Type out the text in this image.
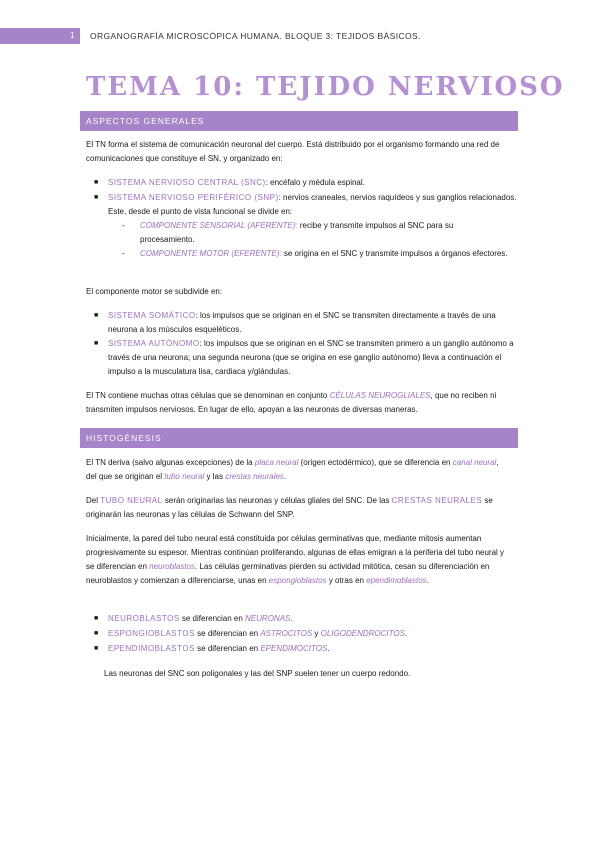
1	ORGANOGRAFÍA MICROSCÓPICA HUMANA. BLOQUE 3: TEJIDOS BÁSICOS.
TEMA 10: TEJIDO NERVIOSO
ASPECTOS GENERALES

El TN forma el sistema de comunicación neuronal del cuerpo. Está distribuido por el organismo formando una red de comunicaciones que constituye el SN, y organizado en:

■ SISTEMA NERVIOSO CENTRAL (SNC): encéfalo y médula espinal.
■ SISTEMA NERVIOSO PERIFÉRICO (SNP): nervios craneales, nervios raquídeos y sus ganglios relacionados. Este, desde el punto de vista funcional se divide en:
- COMPONENTE SENSORIAL (AFERENTE): recibe y transmite impulsos al SNC para su procesamiento.
- COMPONENTE MOTOR (EFERENTE): se origina en el SNC y transmite impulsos a órganos efectores.

El componente motor se subdivide en:

■ SISTEMA SOMÁTICO: los impulsos que se originan en el SNC se transmiten directamente a través de una neurona a los músculos esqueléticos.
■ SISTEMA AUTÓNOMO: los impulsos que se originan en el SNC se transmiten primero a un ganglio autónomo a través de una neurona; una segunda neurona (que se origina en ese ganglio autónomo) lleva a continuación el impulso a la musculatura lisa, cardiaca y/glándulas.

El TN contiene muchas otras células que se denominan en conjunto CÉLULAS NEUROGLIALES, que no reciben ni transmiten impulsos nerviosos. En lugar de ello, apoyan a las neuronas de diversas maneras.

HISTOGÉNESIS

El TN deriva (salvo algunas excepciones) de la placa neural (origen ectodérmico), que se diferencia en canal neural, del que se originan el tubo neural y las crestas neurales.

Del TUBO NEURAL serán originarias las neuronas y células gliales del SNC. De las CRESTAS NEURALES se originarán las neuronas y las células de Schwann del SNP.

Inicialmente, la pared del tubo neural está constituida por células germinativas que, mediante mitosis aumentan progresivamente su espesor. Mientras continúan proliferando, algunas de ellas emigran a la periferia del tubo neural y se diferencian en neuroblastos. Las células germinativas pierden su actividad mitótica, cesan su diferenciación en neuroblastos y comienzan a diferenciarse, unas en espongioblastos y otras en ependimoblastos.

■ NEUROBLASTOS se diferencian en NEURONAS.
■ ESPONGIOBLASTOS se diferencian en ASTROCITOS y OLIGODENDROCITOS.
■ EPENDIMOBLASTOS se diferencian en EPENDIMOCITOS.

Las neuronas del SNC son poligonales y las del SNP suelen tener un cuerpo redondo.
